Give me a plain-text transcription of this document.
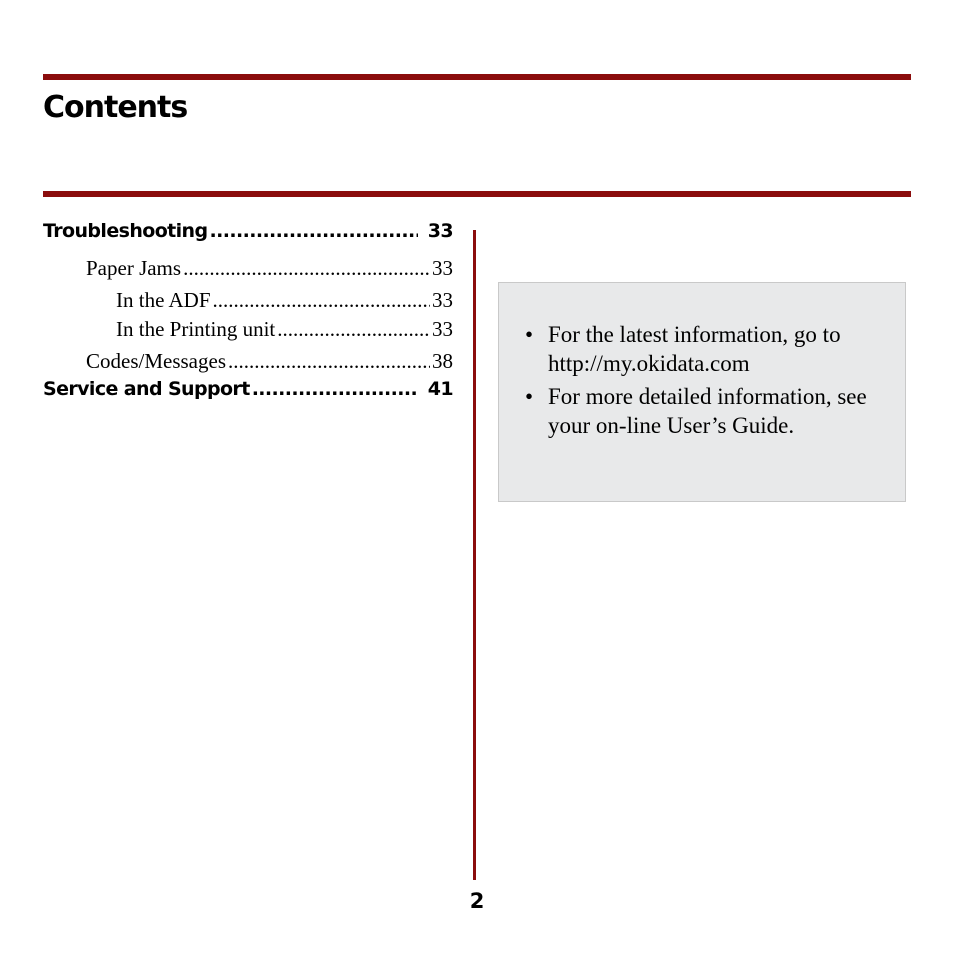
Contents
Troubleshooting .....	33
Paper Jams .....	33
In the ADF .....	33
In the Printing unit .....	33
Codes/Messages .....	38
Service and Support .....	41
• For the latest information, go to http://my.okidata.com
• For more detailed information, see your on-line User’s Guide.
2
